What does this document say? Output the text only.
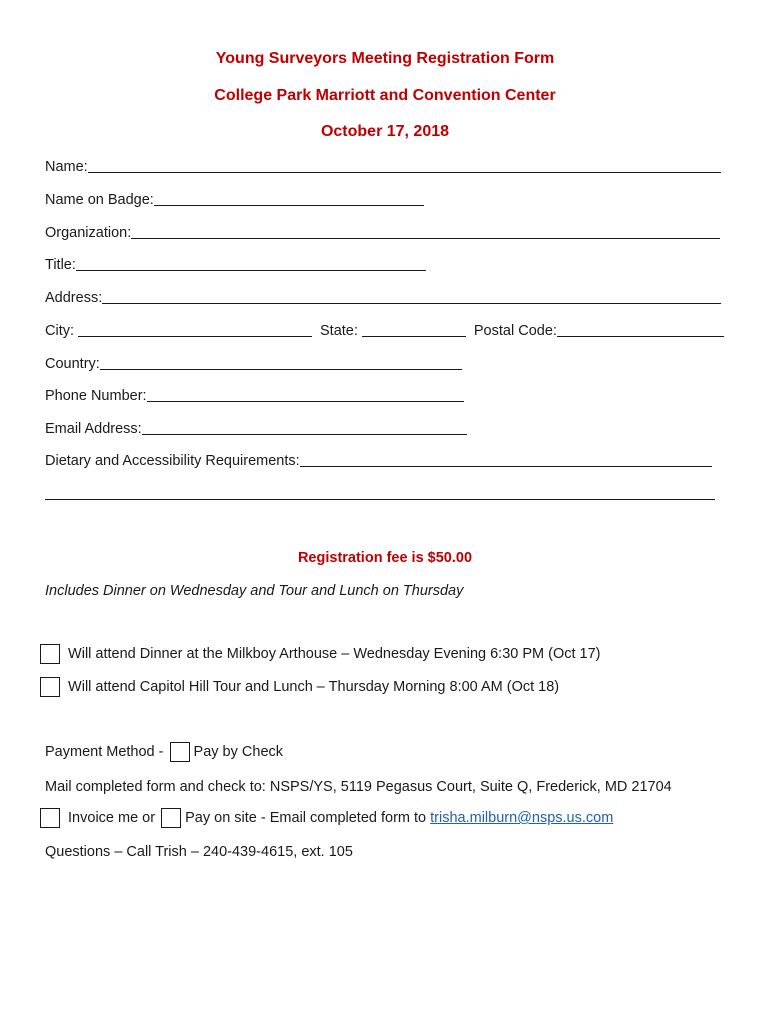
Young Surveyors Meeting Registration Form
College Park Marriott and Convention Center
October 17, 2018
Name:
Name on Badge:
Organization:
Title:
Address:
City:	State:	Postal Code:
Country:
Phone Number:
Email Address:
Dietary and Accessibility Requirements:
Registration fee is $50.00
Includes Dinner on Wednesday and Tour and Lunch on Thursday
Will attend Dinner at the Milkboy Arthouse – Wednesday Evening 6:30 PM (Oct 17)
Will attend Capitol Hill Tour and Lunch – Thursday Morning 8:00 AM (Oct 18)
Payment Method - Pay by Check
Mail completed form and check to: NSPS/YS, 5119 Pegasus Court, Suite Q, Frederick, MD 21704
Invoice me or Pay on site - Email completed form to trisha.milburn@nsps.us.com
Questions – Call Trish – 240-439-4615, ext. 105
